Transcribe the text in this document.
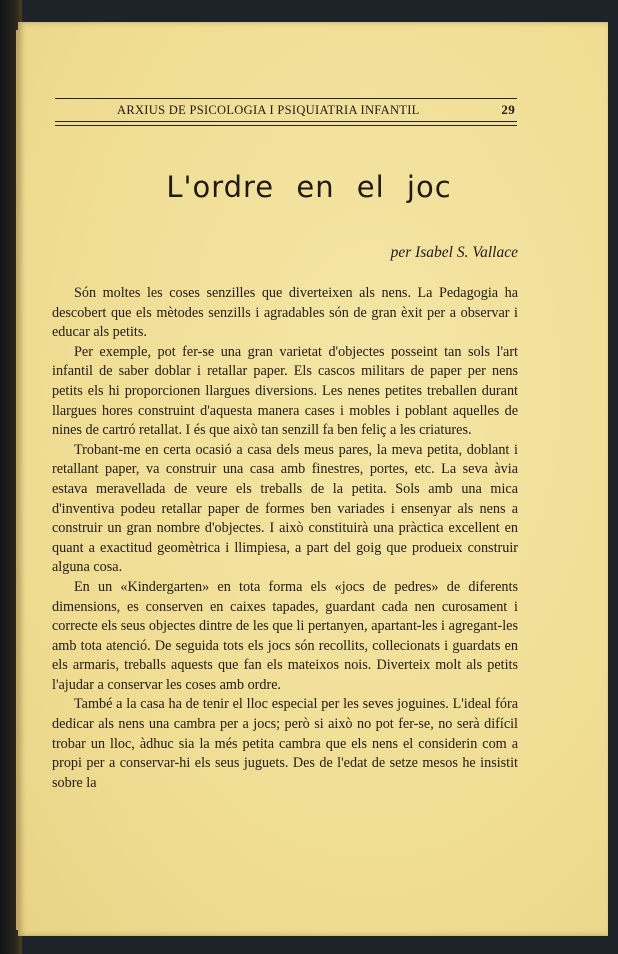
ARXIUS DE PSICOLOGIA I PSIQUIATRIA INFANTIL	29
L'ordre en el joc
per Isabel S. Vallace

Són moltes les coses senzilles que diverteixen als nens. La Pedagogia ha descobert que els mètodes senzills i agradables són de gran èxit per a observar i educar als petits.

Per exemple, pot fer-se una gran varietat d'objectes posseint tan sols l'art infantil de saber doblar i retallar paper. Els cascos militars de paper per nens petits els hi proporcionen llargues diversions. Les nenes petites treballen durant llargues hores construint d'aquesta manera cases i mobles i poblant aquelles de nines de cartró retallat. I és que això tan senzill fa ben feliç a les criatures.

Trobant-me en certa ocasió a casa dels meus pares, la meva petita, doblant i retallant paper, va construir una casa amb finestres, portes, etc. La seva àvia estava meravellada de veure els treballs de la petita. Sols amb una mica d'inventiva podeu retallar paper de formes ben variades i ensenyar als nens a construir un gran nombre d'objectes. I això constituirà una pràctica excellent en quant a exactitud geomètrica i llimpiesa, a part del goig que produeix construir alguna cosa.

En un «Kindergarten» en tota forma els «jocs de pedres» de diferents dimensions, es conserven en caixes tapades, guardant cada nen curosament i correcte els seus objectes dintre de les que li pertanyen, apartant-les i agregant-les amb tota atenció. De seguida tots els jocs són recollits, collecionats i guardats en els armaris, treballs aquests que fan els mateixos nois. Diverteix molt als petits l'ajudar a conservar les coses amb ordre.

També a la casa ha de tenir el lloc especial per les seves joguines. L'ideal fóra dedicar als nens una cambra per a jocs; però si això no pot fer-se, no serà difícil trobar un lloc, àdhuc sia la més petita cambra que els nens el considerin com a propi per a conservar-hi els seus juguets. Des de l'edat de setze mesos he insistit sobre la
